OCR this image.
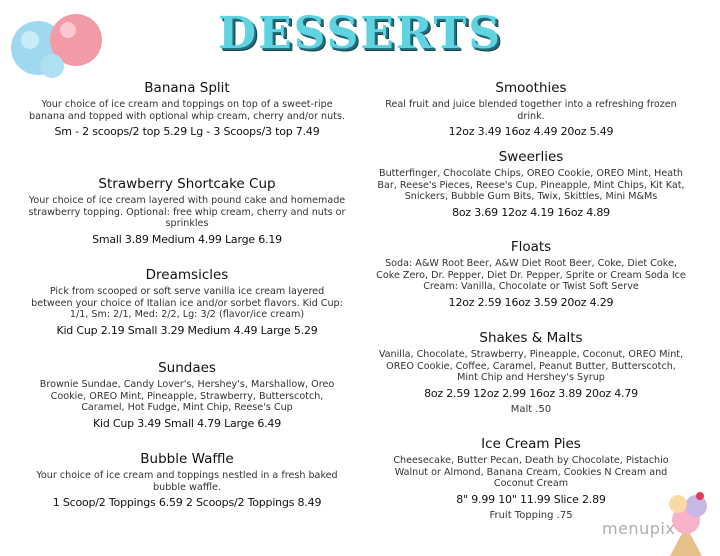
DESSERTS
Banana Split
Your choice of ice cream and toppings on top of a sweet-ripe banana and topped with optional whip cream, cherry and/or nuts.
Sm - 2 scoops/2 top 5.29 Lg - 3 Scoops/3 top 7.49
Strawberry Shortcake Cup
Your choice of ice cream layered with pound cake and homemade strawberry topping. Optional: free whip cream, cherry and nuts or sprinkles
Small 3.89 Medium 4.99 Large 6.19
Dreamsicles
Pick from scooped or soft serve vanilla ice cream layered between your choice of Italian ice and/or sorbet flavors. Kid Cup: 1/1, Sm: 2/1, Med: 2/2, Lg: 3/2 (flavor/ice cream)
Kid Cup 2.19 Small 3.29 Medium 4.49 Large 5.29
Sundaes
Brownie Sundae, Candy Lover's, Hershey's, Marshallow, Oreo Cookie, OREO Mint, Pineapple, Strawberry, Butterscotch, Caramel, Hot Fudge, Mint Chip, Reese's Cup
Kid Cup 3.49 Small 4.79 Large 6.49
Bubble Waffle
Your choice of ice cream and toppings nestled in a fresh baked bubble waffle.
1 Scoop/2 Toppings 6.59 2 Scoops/2 Toppings 8.49
Smoothies
Real fruit and juice blended together into a refreshing frozen drink.
12oz 3.49 16oz 4.49 20oz 5.49
Sweerlies
Butterfinger, Chocolate Chips, OREO Cookie, OREO Mint, Heath Bar, Reese's Pieces, Reese's Cup, Pineapple, Mint Chips, Kit Kat, Snickers, Bubble Gum Bits, Twix, Skittles, Mini M&Ms
8oz 3.69 12oz 4.19 16oz 4.89
Floats
Soda: A&W Root Beer, A&W Diet Root Beer, Coke, Diet Coke, Coke Zero, Dr. Pepper, Diet Dr. Pepper, Sprite or Cream Soda Ice Cream: Vanilla, Chocolate or Twist Soft Serve
12oz 2.59 16oz 3.59 20oz 4.29
Shakes & Malts
Vanilla, Chocolate, Strawberry, Pineapple, Coconut, OREO Mint, OREO Cookie, Coffee, Caramel, Peanut Butter, Butterscotch, Mint Chip and Hershey's Syrup
8oz 2.59 12oz 2.99 16oz 3.89 20oz 4.79
Malt .50
Ice Cream Pies
Cheesecake, Butter Pecan, Death by Chocolate, Pistachio Walnut or Almond, Banana Cream, Cookies N Cream and Coconut Cream
8" 9.99 10" 11.99 Slice 2.89
Fruit Topping .75
menupix
